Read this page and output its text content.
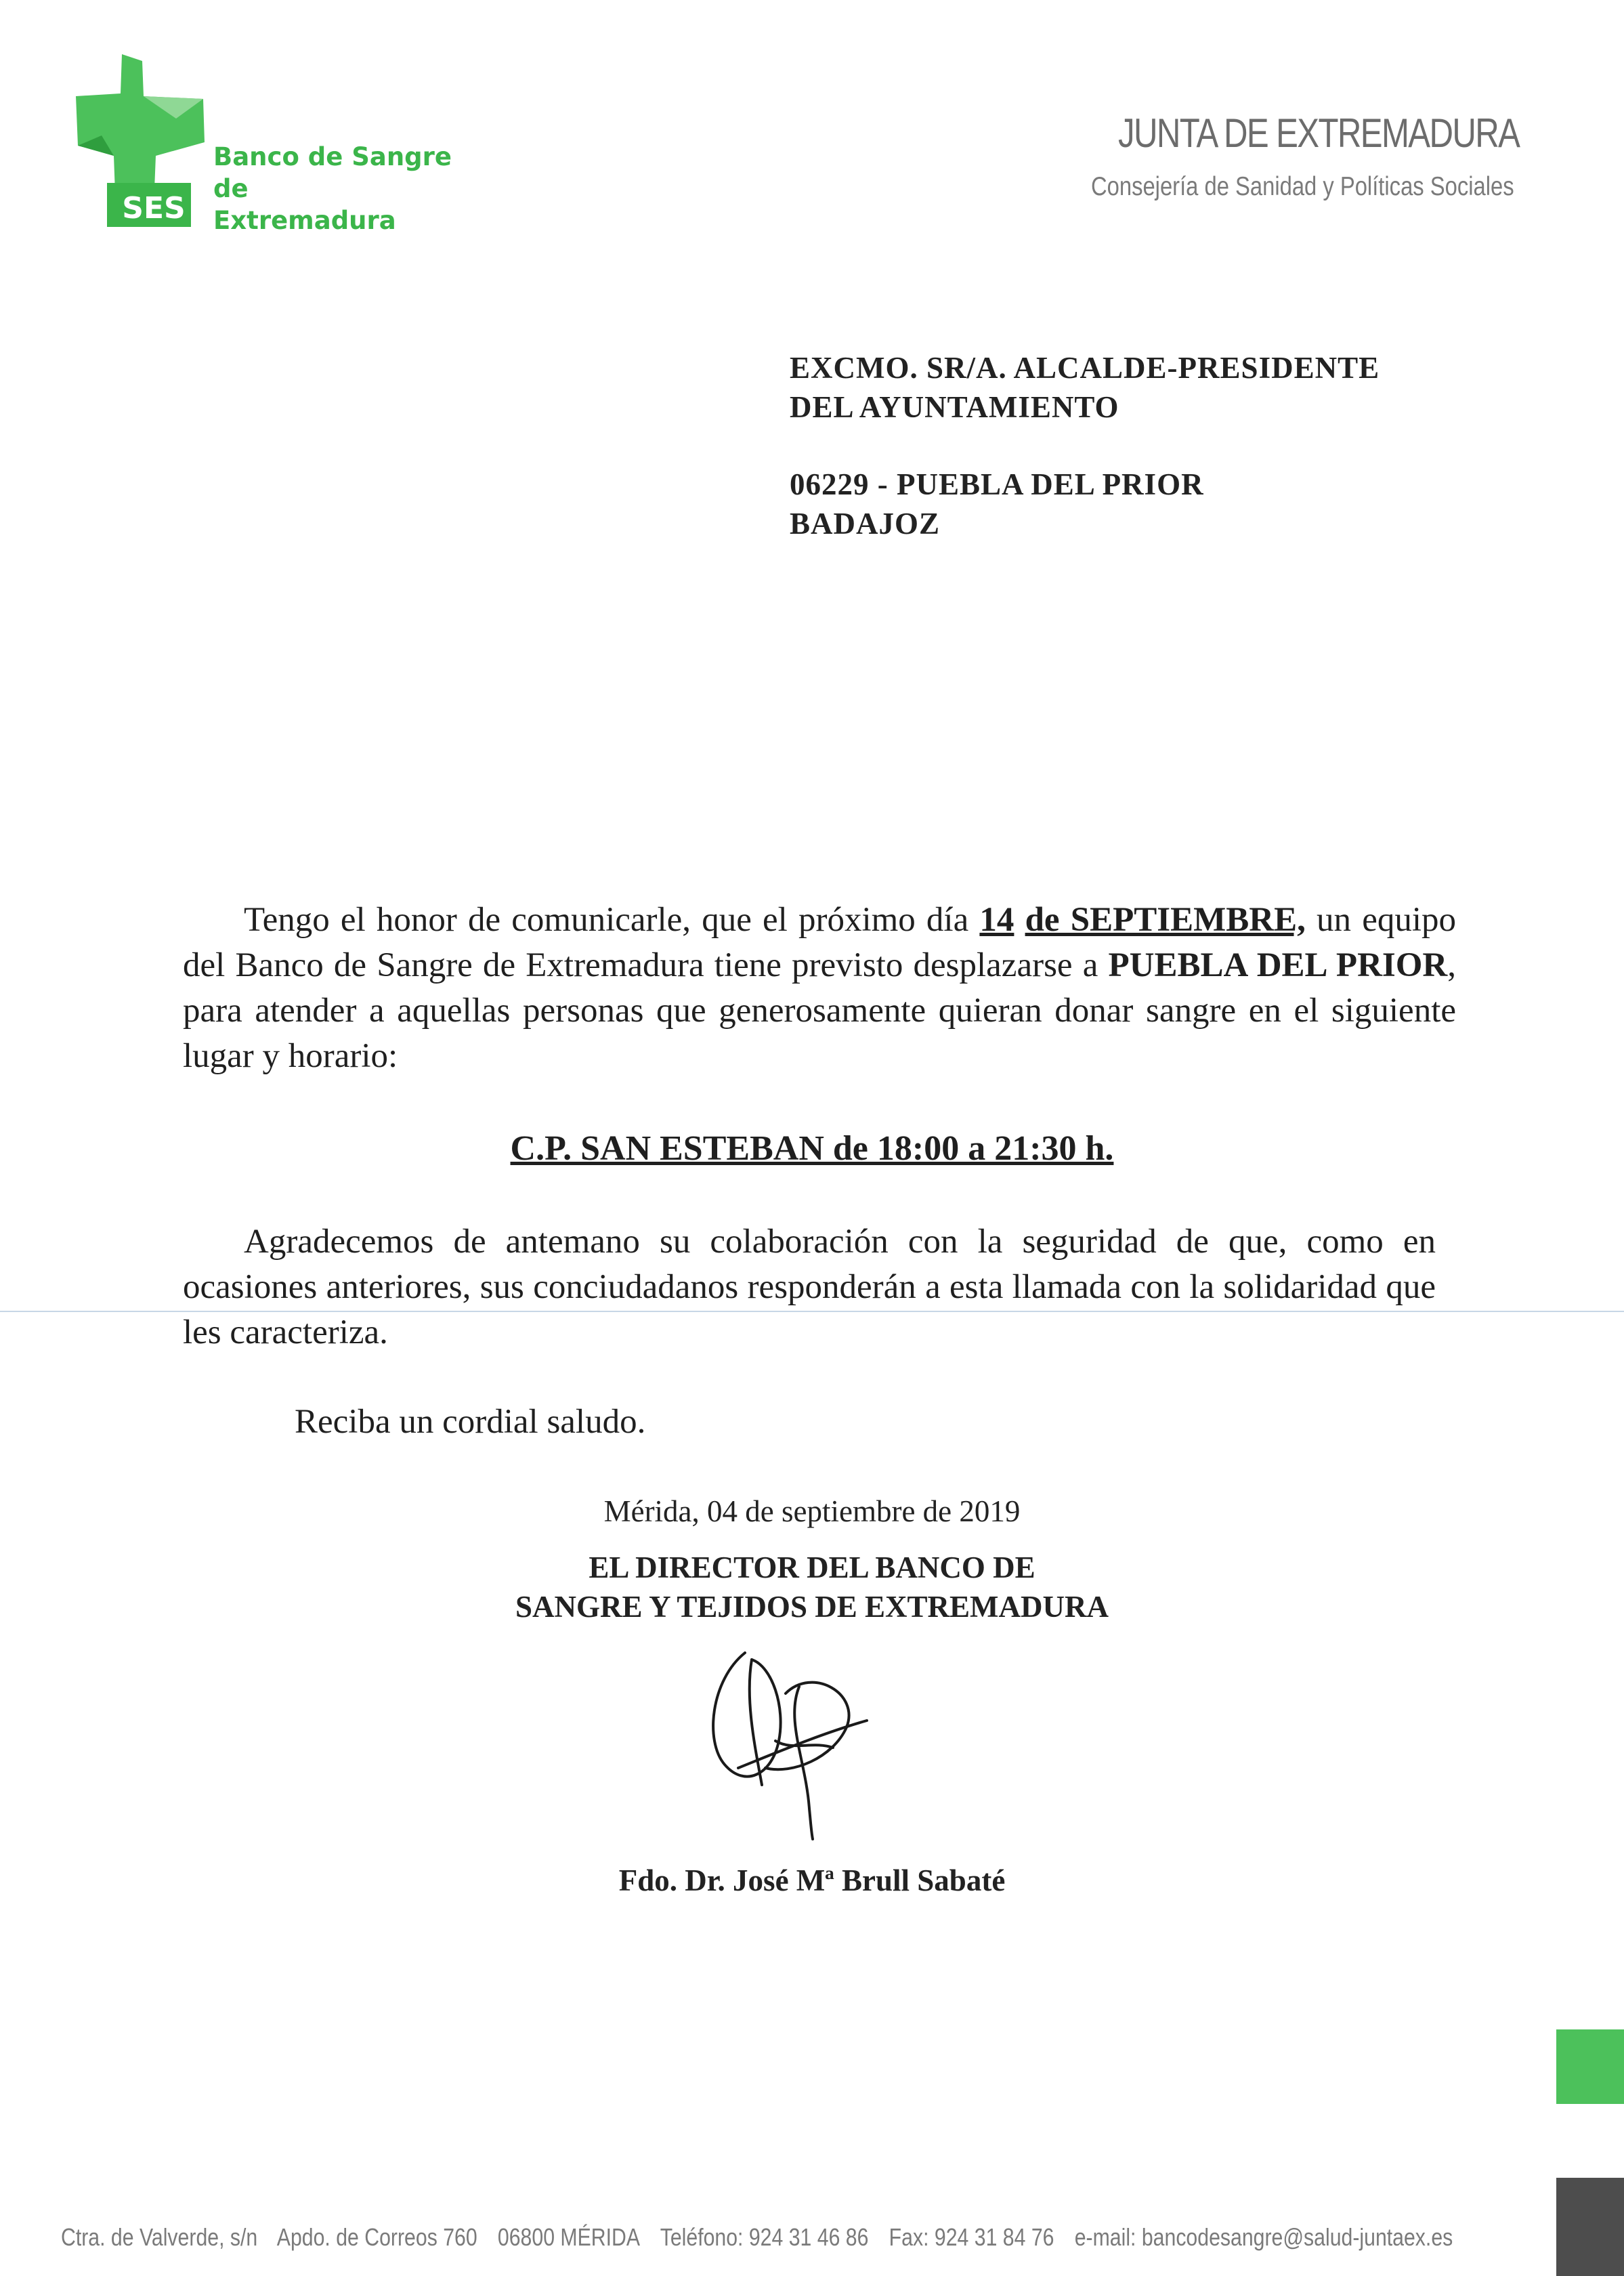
SES
Banco de Sangre
de
Extremadura
JUNTA DE EXTREMADURA
Consejería de Sanidad y Políticas Sociales

EXCMO. SR/A. ALCALDE-PRESIDENTE

DEL AYUNTAMIENTO

06229 - PUEBLA DEL PRIOR

BADAJOZ

Tengo el honor de comunicarle, que el próximo día 14 de SEPTIEMBRE, un equipo del Banco de Sangre de Extremadura tiene previsto desplazarse a PUEBLA DEL PRIOR, para atender a aquellas personas que generosamente quieran donar sangre en el siguiente lugar y horario:

C.P. SAN ESTEBAN de 18:00 a 21:30 h.

Agradecemos de antemano su colaboración con la seguridad de que, como en ocasiones anteriores, sus conciudadanos responderán a esta llamada con la solidaridad que les caracteriza.

Reciba un cordial saludo.
Mérida, 04 de septiembre de 2019
EL DIRECTOR DEL BANCO DE
SANGRE Y TEJIDOS DE EXTREMADURA
Fdo. Dr. José Mª Brull Sabaté
Ctra. de Valverde, s/n Apdo. de Correos 760 06800 MÉRIDA Teléfono: 924 31 46 86 Fax: 924 31 84 76 e-mail: bancodesangre@salud-juntaex.es
